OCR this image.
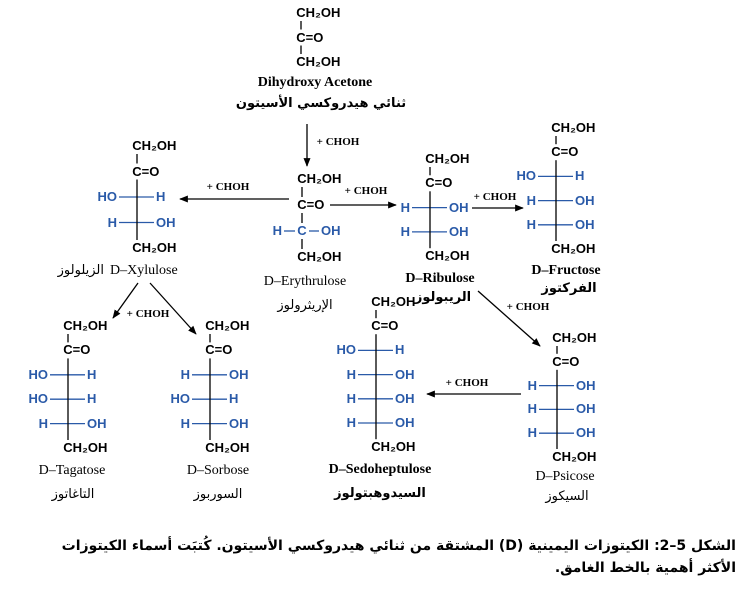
+ CHOH
+ CHOH
+ CHOH
+ CHOH	+ CHOH
+ CHOH
+ CHOH
CH₂OH
C=O
CH₂OH
Dihydroxy Acetone
ثنائي هيدروكسي الأسيتون
CH₂OH
C=O
C
H	OH
CH₂OH
D–Erythrulose
الإريثرولوز
CH₂OH
C=O
HO	H
H	OH
CH₂OH
D–Xylulose
الزيلولوز
CH₂OH
C=O
H	OH
H	OH
CH₂OH
D–Ribulose
الريبولوز
CH₂OH
C=O
HO	H
H	OH
H	OH
CH₂OH
D–Fructose
الفركتوز
CH₂OH
C=O
HO	H
HO	H
H	OH
CH₂OH
D–Tagatose
التاغاتوز
CH₂OH
C=O
H	OH
HO	H
H	OH
CH₂OH
D–Sorbose
السوربوز
CH₂OH
C=O
HO	H
H	OH
H	OH
H	OH
CH₂OH
D–Sedoheptulose
السيدوهبتولوز
CH₂OH
C=O
H	OH
H	OH
H	OH
CH₂OH
D–Psicose
السيكوز
الشكل 5–2: الكيتوزات اليمينية (D) المشتقة من ثنائي هيدروكسي الأسيتون. كُتبَت أسماء الكيتوزات الأكثر أهمية بالخط الغامق.
